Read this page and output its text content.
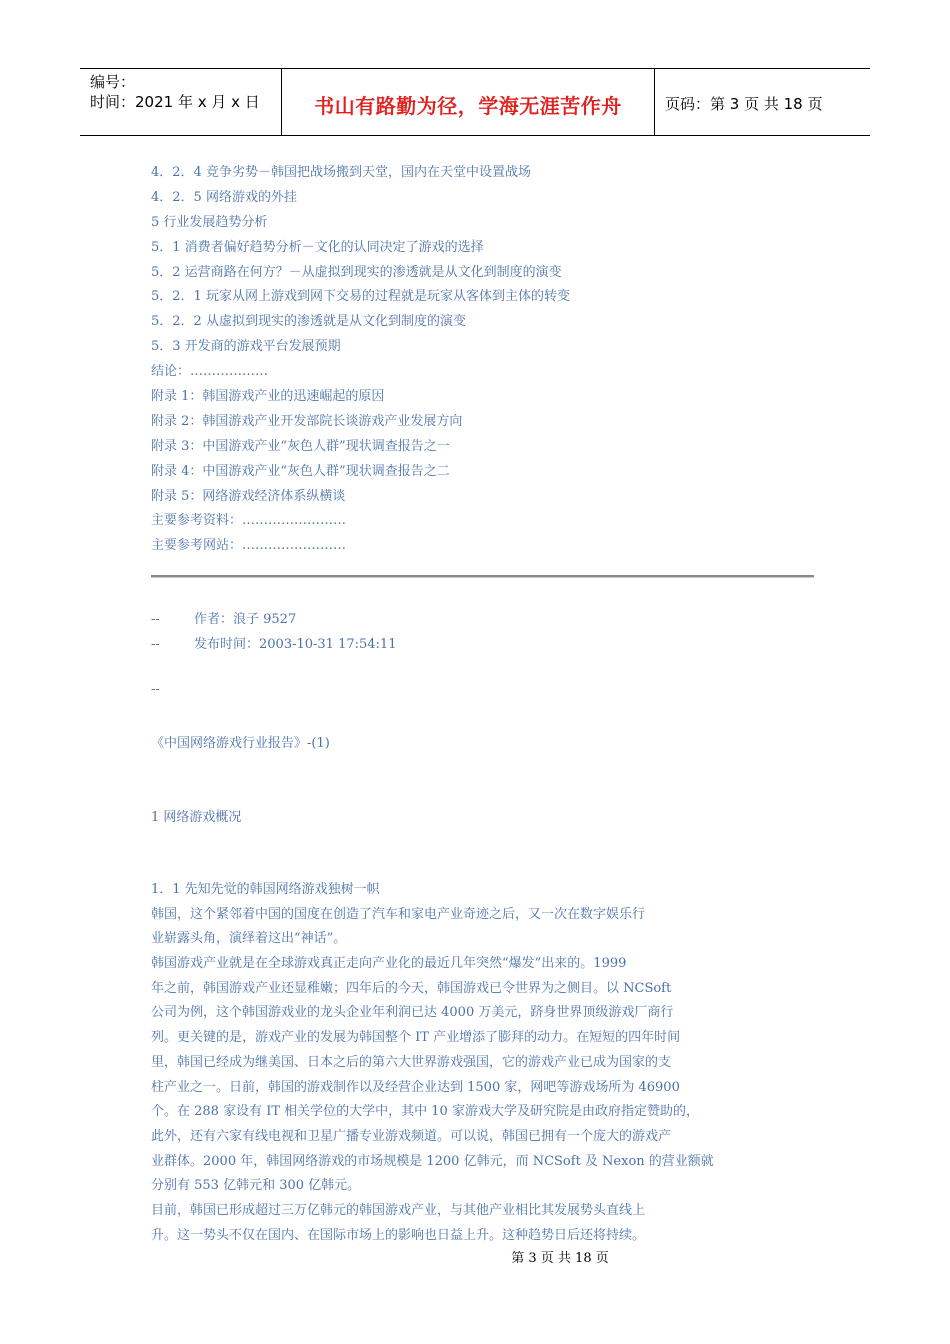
编号：
时间：2021 年 x 月 x 日	书山有路勤为径，学海无涯苦作舟	页码：第 3 页 共 18 页
4．2．4 竞争劣势－韩国把战场搬到天堂，国内在天堂中设置战场
4．2．5 网络游戏的外挂
5 行业发展趋势分析
5．1 消费者偏好趋势分析－文化的认同决定了游戏的选择
5．2 运营商路在何方？－从虚拟到现实的渗透就是从文化到制度的演变
5．2．1 玩家从网上游戏到网下交易的过程就是玩家从客体到主体的转变
5．2．2 从虚拟到现实的渗透就是从文化到制度的演变
5．3 开发商的游戏平台发展预期
结论：………………
附录 1：韩国游戏产业的迅速崛起的原因
附录 2：韩国游戏产业开发部院长谈游戏产业发展方向
附录 3：中国游戏产业“灰色人群”现状调查报告之一
附录 4：中国游戏产业“灰色人群”现状调查报告之二
附录 5：网络游戏经济体系纵横谈
主要参考资料：……………………
主要参考网站：……………………
--	作者：浪子 9527
--	发布时间：2003-10-31 17:54:11
--
《中国网络游戏行业报告》-(1)
1 网络游戏概况
1．1 先知先觉的韩国网络游戏独树一帜
韩国，这个紧邻着中国的国度在创造了汽车和家电产业奇迹之后，又一次在数字娱乐行
业崭露头角，演绎着这出“神话”。
韩国游戏产业就是在全球游戏真正走向产业化的最近几年突然“爆发”出来的。1999
年之前，韩国游戏产业还显稚嫩；四年后的今天，韩国游戏已令世界为之侧目。以 NCSoft
公司为例，这个韩国游戏业的龙头企业年利润已达 4000 万美元，跻身世界顶级游戏厂商行
列。更关键的是，游戏产业的发展为韩国整个 IT 产业增添了膨拜的动力。在短短的四年时间
里，韩国已经成为继美国、日本之后的第六大世界游戏强国，它的游戏产业已成为国家的支
柱产业之一。日前，韩国的游戏制作以及经营企业达到 1500 家，网吧等游戏场所为 46900
个。在 288 家设有 IT 相关学位的大学中，其中 10 家游戏大学及研究院是由政府指定赞助的，
此外，还有六家有线电视和卫星广播专业游戏频道。可以说，韩国已拥有一个庞大的游戏产
业群体。2000 年，韩国网络游戏的市场规模是 1200 亿韩元，而 NCSoft 及 Nexon 的营业额就
分别有 553 亿韩元和 300 亿韩元。
目前，韩国已形成超过三万亿韩元的韩国游戏产业，与其他产业相比其发展势头直线上
升。这一势头不仅在国内、在国际市场上的影响也日益上升。这种趋势日后还将持续。
第 3 页 共 18 页
